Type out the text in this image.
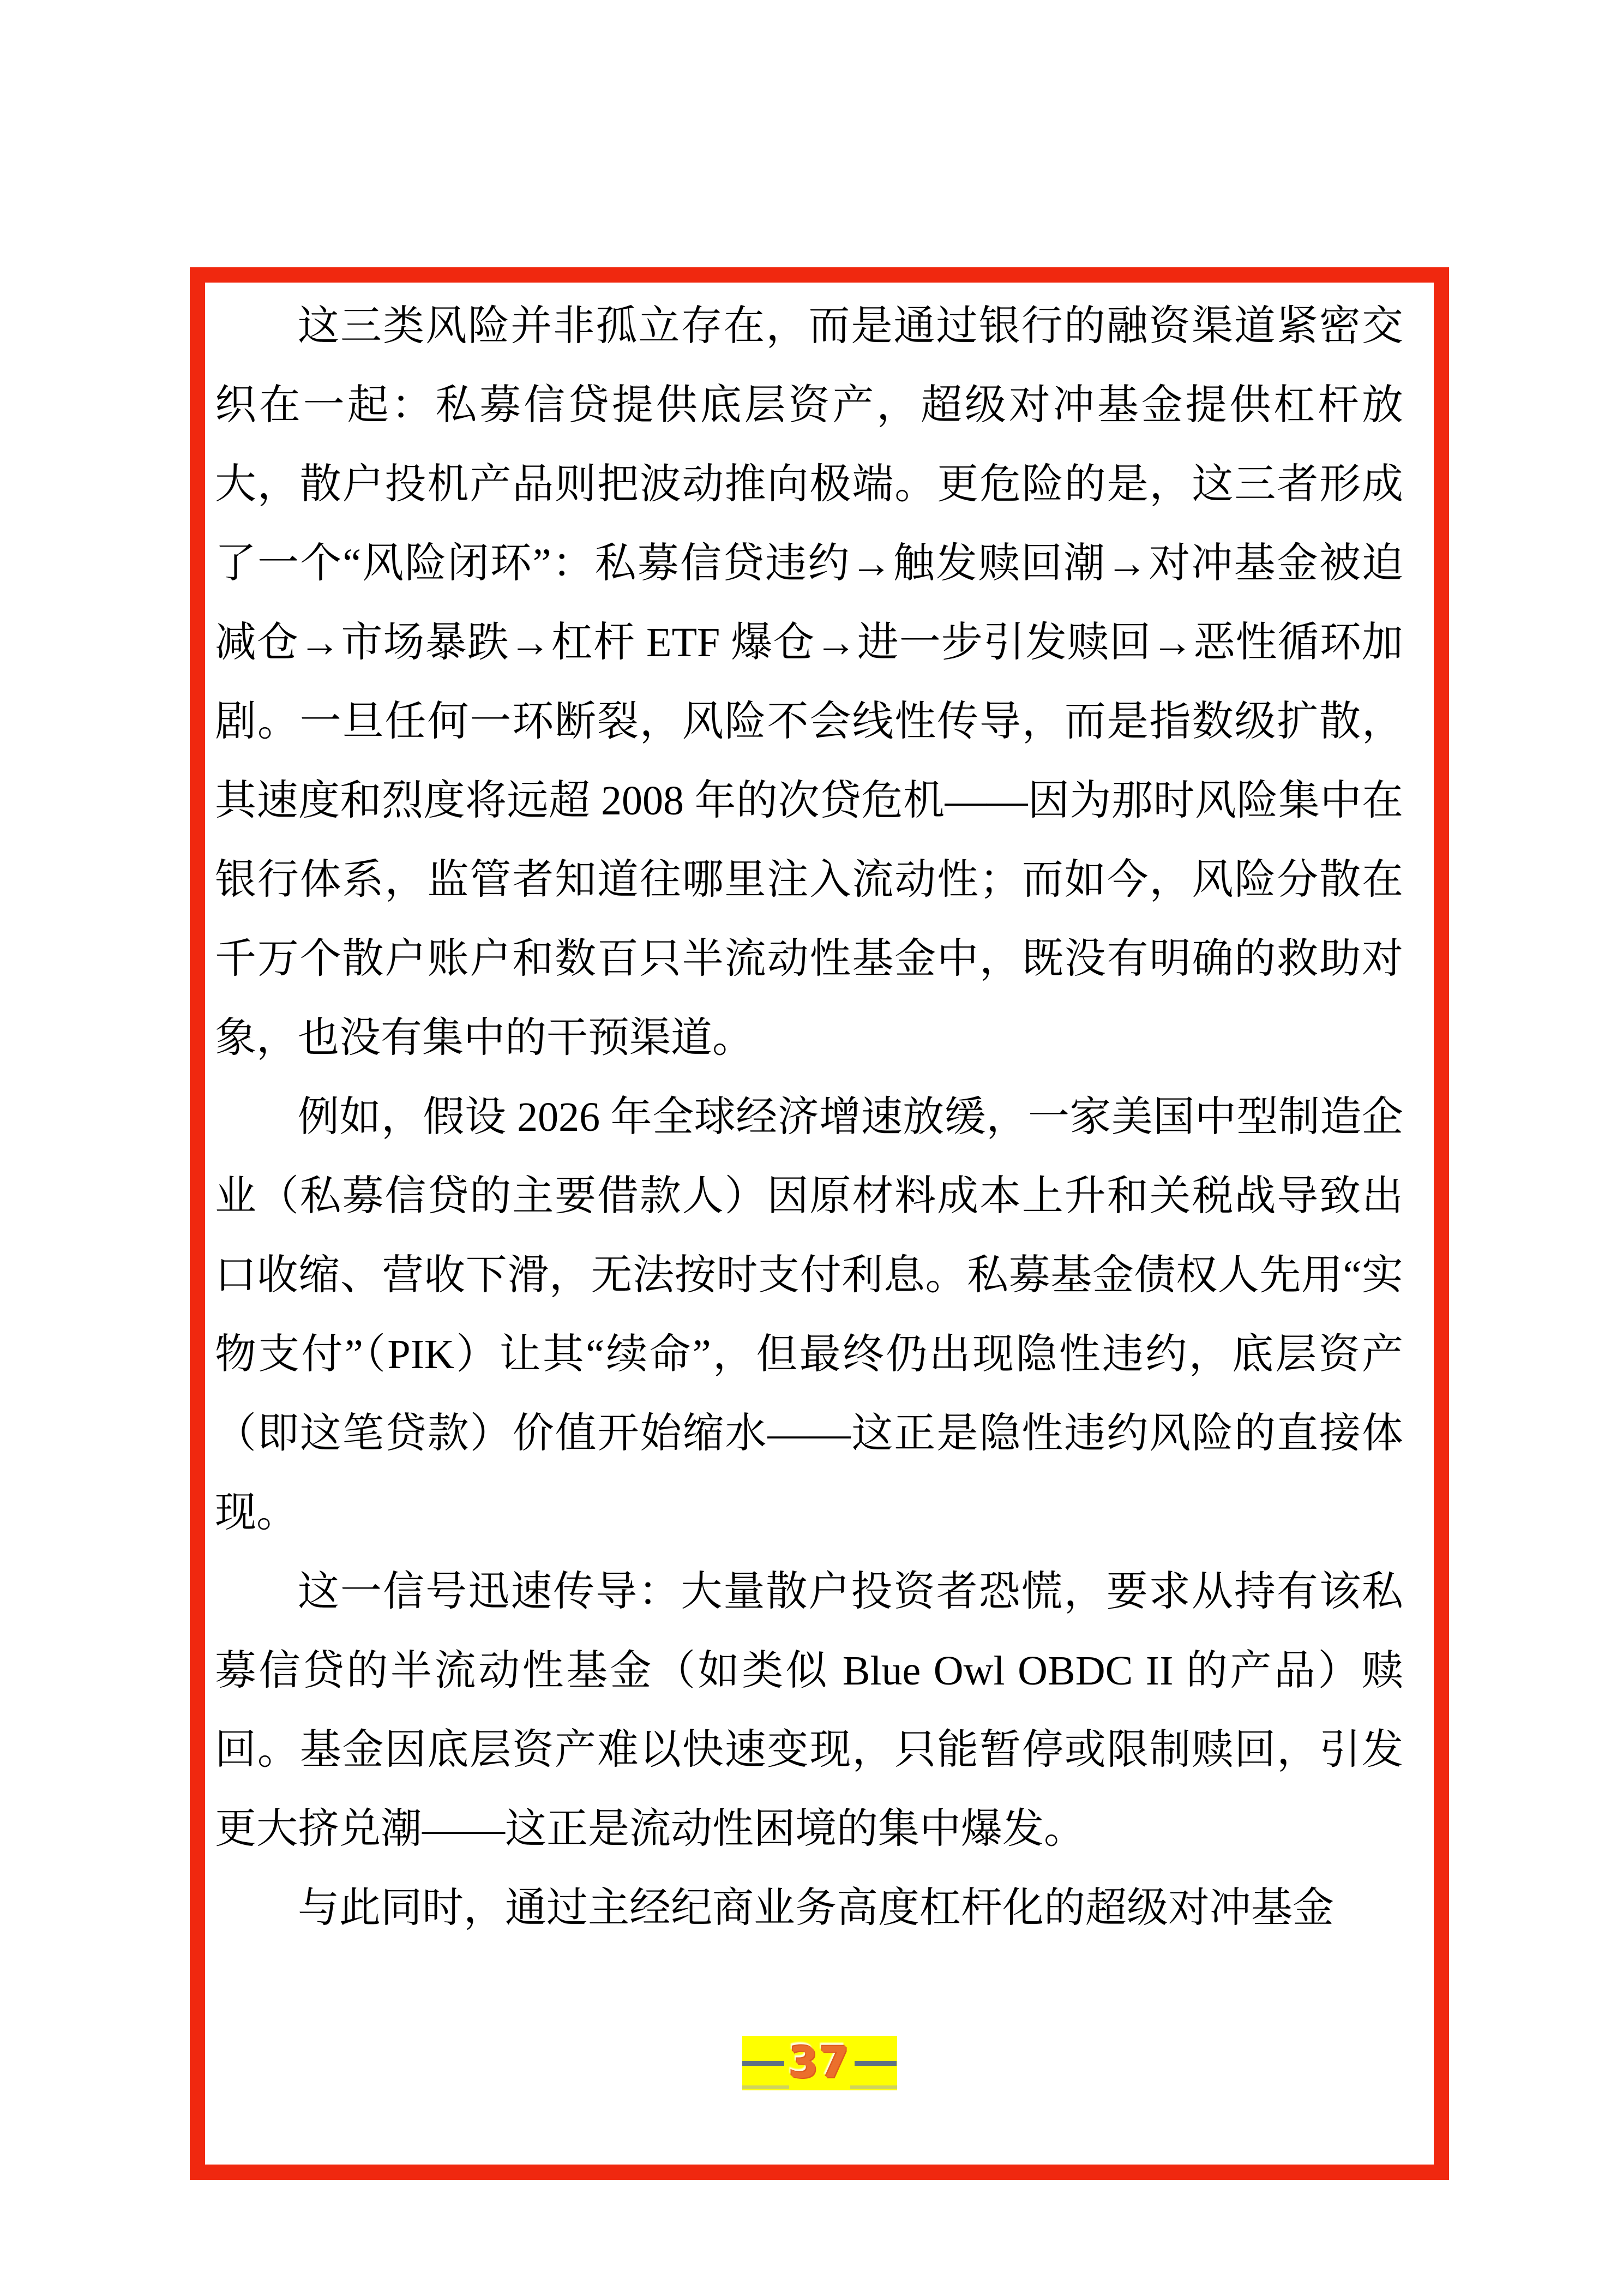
这三类风险并非孤立存在，而是通过银行的融资渠道紧密交织在一起：私募信贷提供底层资产，超级对冲基金提供杠杆放大，散户投机产品则把波动推向极端。更危险的是，这三者形成了一个“风险闭环”：私募信贷违约→触发赎回潮→对冲基金被迫减仓→市场暴跌→杠杆 ETF 爆仓→进一步引发赎回→恶性循环加剧。一旦任何一环断裂，风险不会线性传导，而是指数级扩散，其速度和烈度将远超 2008 年的次贷危机——因为那时风险集中在银行体系，监管者知道往哪里注入流动性；而如今，风险分散在千万个散户账户和数百只半流动性基金中，既没有明确的救助对象，也没有集中的干预渠道。

例如，假设 2026 年全球经济增速放缓，一家美国中型制造企业（私募信贷的主要借款人）因原材料成本上升和关税战导致出口收缩、营收下滑，无法按时支付利息。私募基金债权人先用“实物支付”（PIK）让其“续命”，但最终仍出现隐性违约，底层资产（即这笔贷款）价值开始缩水——这正是隐性违约风险的直接体现。

这一信号迅速传导：大量散户投资者恐慌，要求从持有该私募信贷的半流动性基金（如类似 Blue Owl OBDC II 的产品）赎回。基金因底层资产难以快速变现，只能暂停或限制赎回，引发更大挤兑潮——这正是流动性困境的集中爆发。

与此同时，通过主经纪商业务高度杠杆化的超级对冲基金

37
